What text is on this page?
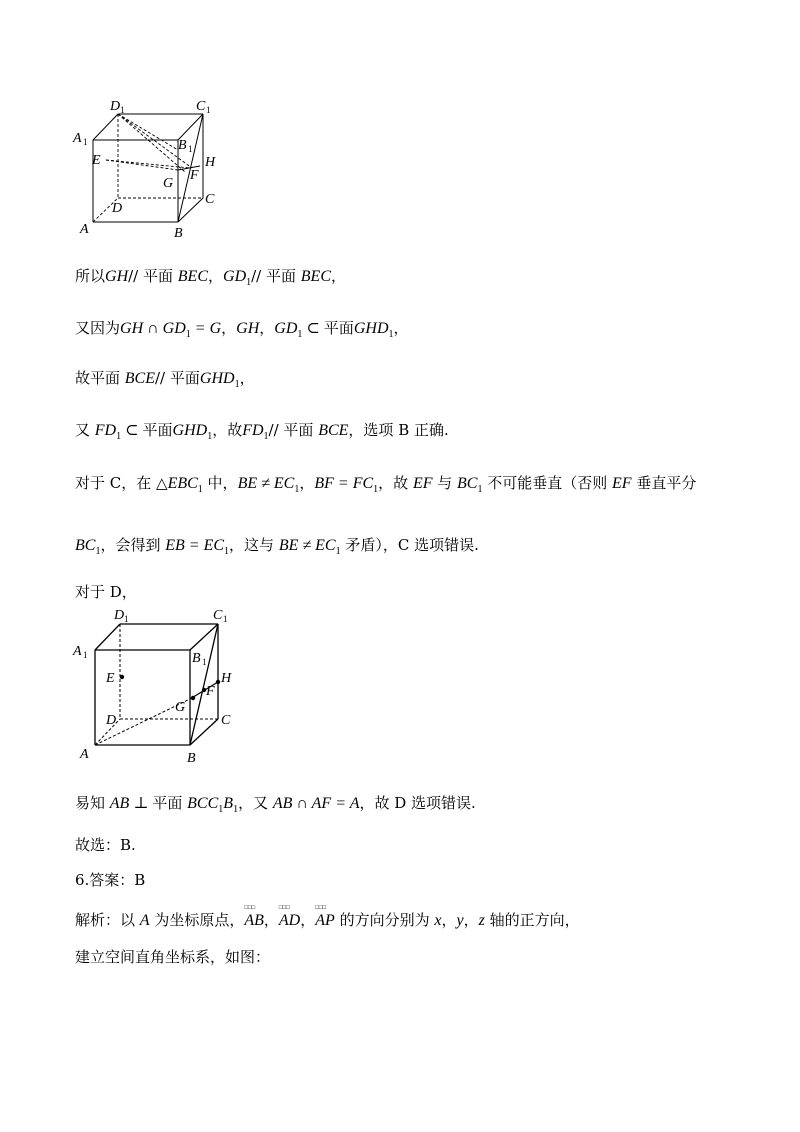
D 1	C 1
A 1	B 1
E	H
F
G
C
D
A	B
所以GH// 平面 BEC，$GD_1//$ 平面 BEC，
又因为GH ∩ $GD_1 = G$，GH，$GD_1$ ⊂ 平面$GHD_1$，
故平面 BCE// 平面$GHD_1$，
又 $FD_1$ ⊂ 平面$GHD_1$，故$FD_1//$ 平面 BCE，选项 B 正确.
对于 C，在 $\triangle EBC_1$ 中，BE ≠ $EC_1$，BF = $FC_1$，故 EF 与 $BC_1$ 不可能垂直（否则 EF 垂直平分
$BC_1$，会得到 EB = $EC_1$，这与 BE ≠ $EC_1$ 矛盾），C 选项错误.
对于 D，
D 1	C 1
A 1	B 1
E	H
F
G
D	C
A	B
易知 AB ⊥ 平面 $BCC_1B_1$，又 AB ∩ AF = A，故 D 选项错误.
故选：B.
6.答案：B
解析：以 A 为坐标原点，□□□ AB，□□□ AD，□□□ AP 的方向分别为 x，y，z 轴的正方向，
建立空间直角坐标系，如图：
